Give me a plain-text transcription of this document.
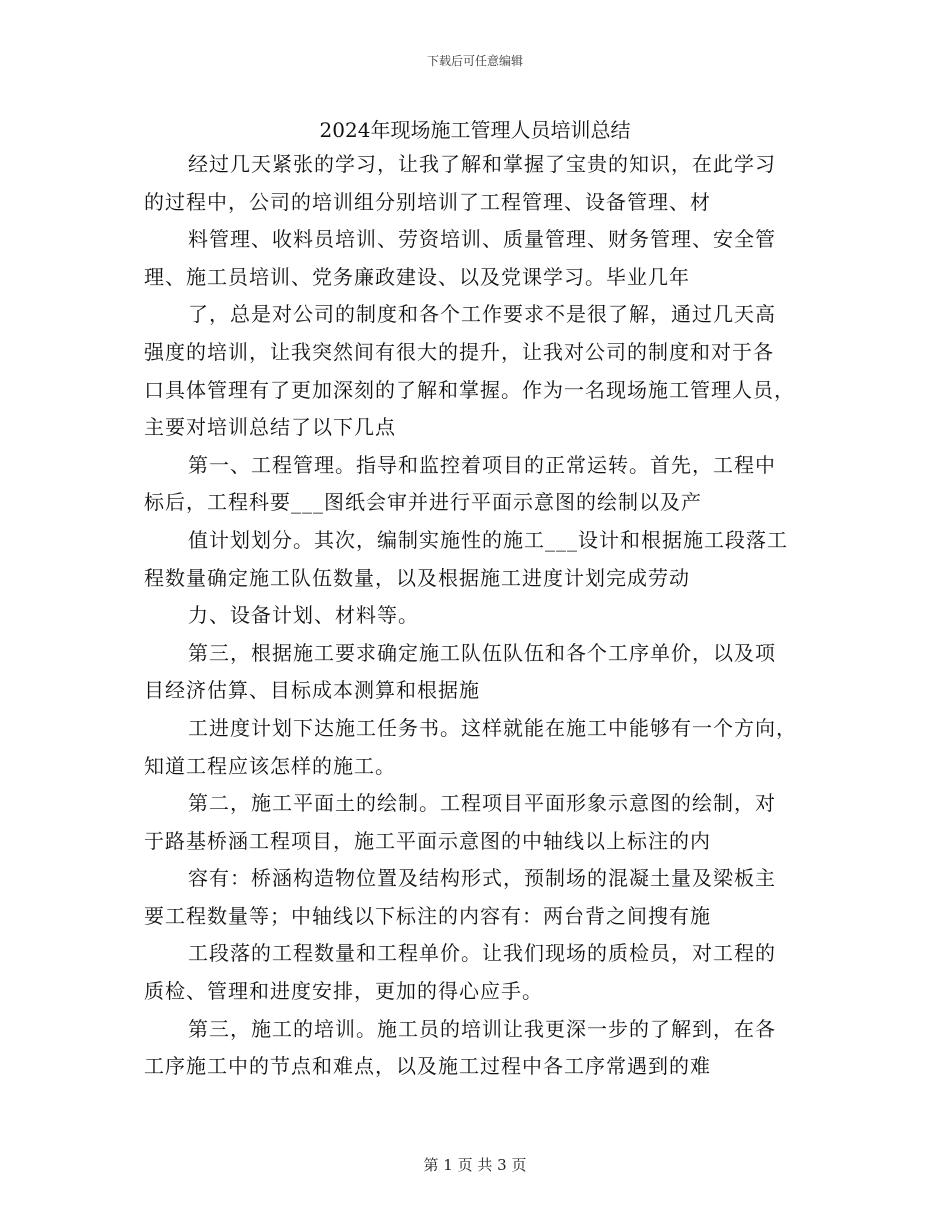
下载后可任意编辑
2024年现场施工管理人员培训总结
经过几天紧张的学习，让我了解和掌握了宝贵的知识，在此学习
的过程中，公司的培训组分别培训了工程管理、设备管理、材
料管理、收料员培训、劳资培训、质量管理、财务管理、安全管
理、施工员培训、党务廉政建设、以及党课学习。毕业几年
了，总是对公司的制度和各个工作要求不是很了解，通过几天高
强度的培训，让我突然间有很大的提升，让我对公司的制度和对于各
口具体管理有了更加深刻的了解和掌握。作为一名现场施工管理人员，
主要对培训总结了以下几点
第一、工程管理。指导和监控着项目的正常运转。首先，工程中
标后，工程科要___图纸会审并进行平面示意图的绘制以及产
值计划划分。其次，编制实施性的施工___设计和根据施工段落工
程数量确定施工队伍数量，以及根据施工进度计划完成劳动
力、设备计划、材料等。
第三，根据施工要求确定施工队伍队伍和各个工序单价，以及项
目经济估算、目标成本测算和根据施
工进度计划下达施工任务书。这样就能在施工中能够有一个方向，
知道工程应该怎样的施工。
第二，施工平面土的绘制。工程项目平面形象示意图的绘制，对
于路基桥涵工程项目，施工平面示意图的中轴线以上标注的内
容有：桥涵构造物位置及结构形式，预制场的混凝土量及梁板主
要工程数量等；中轴线以下标注的内容有：两台背之间搜有施
工段落的工程数量和工程单价。让我们现场的质检员，对工程的
质检、管理和进度安排，更加的得心应手。
第三，施工的培训。施工员的培训让我更深一步的了解到，在各
工序施工中的节点和难点，以及施工过程中各工序常遇到的难
第 1 页 共 3 页
